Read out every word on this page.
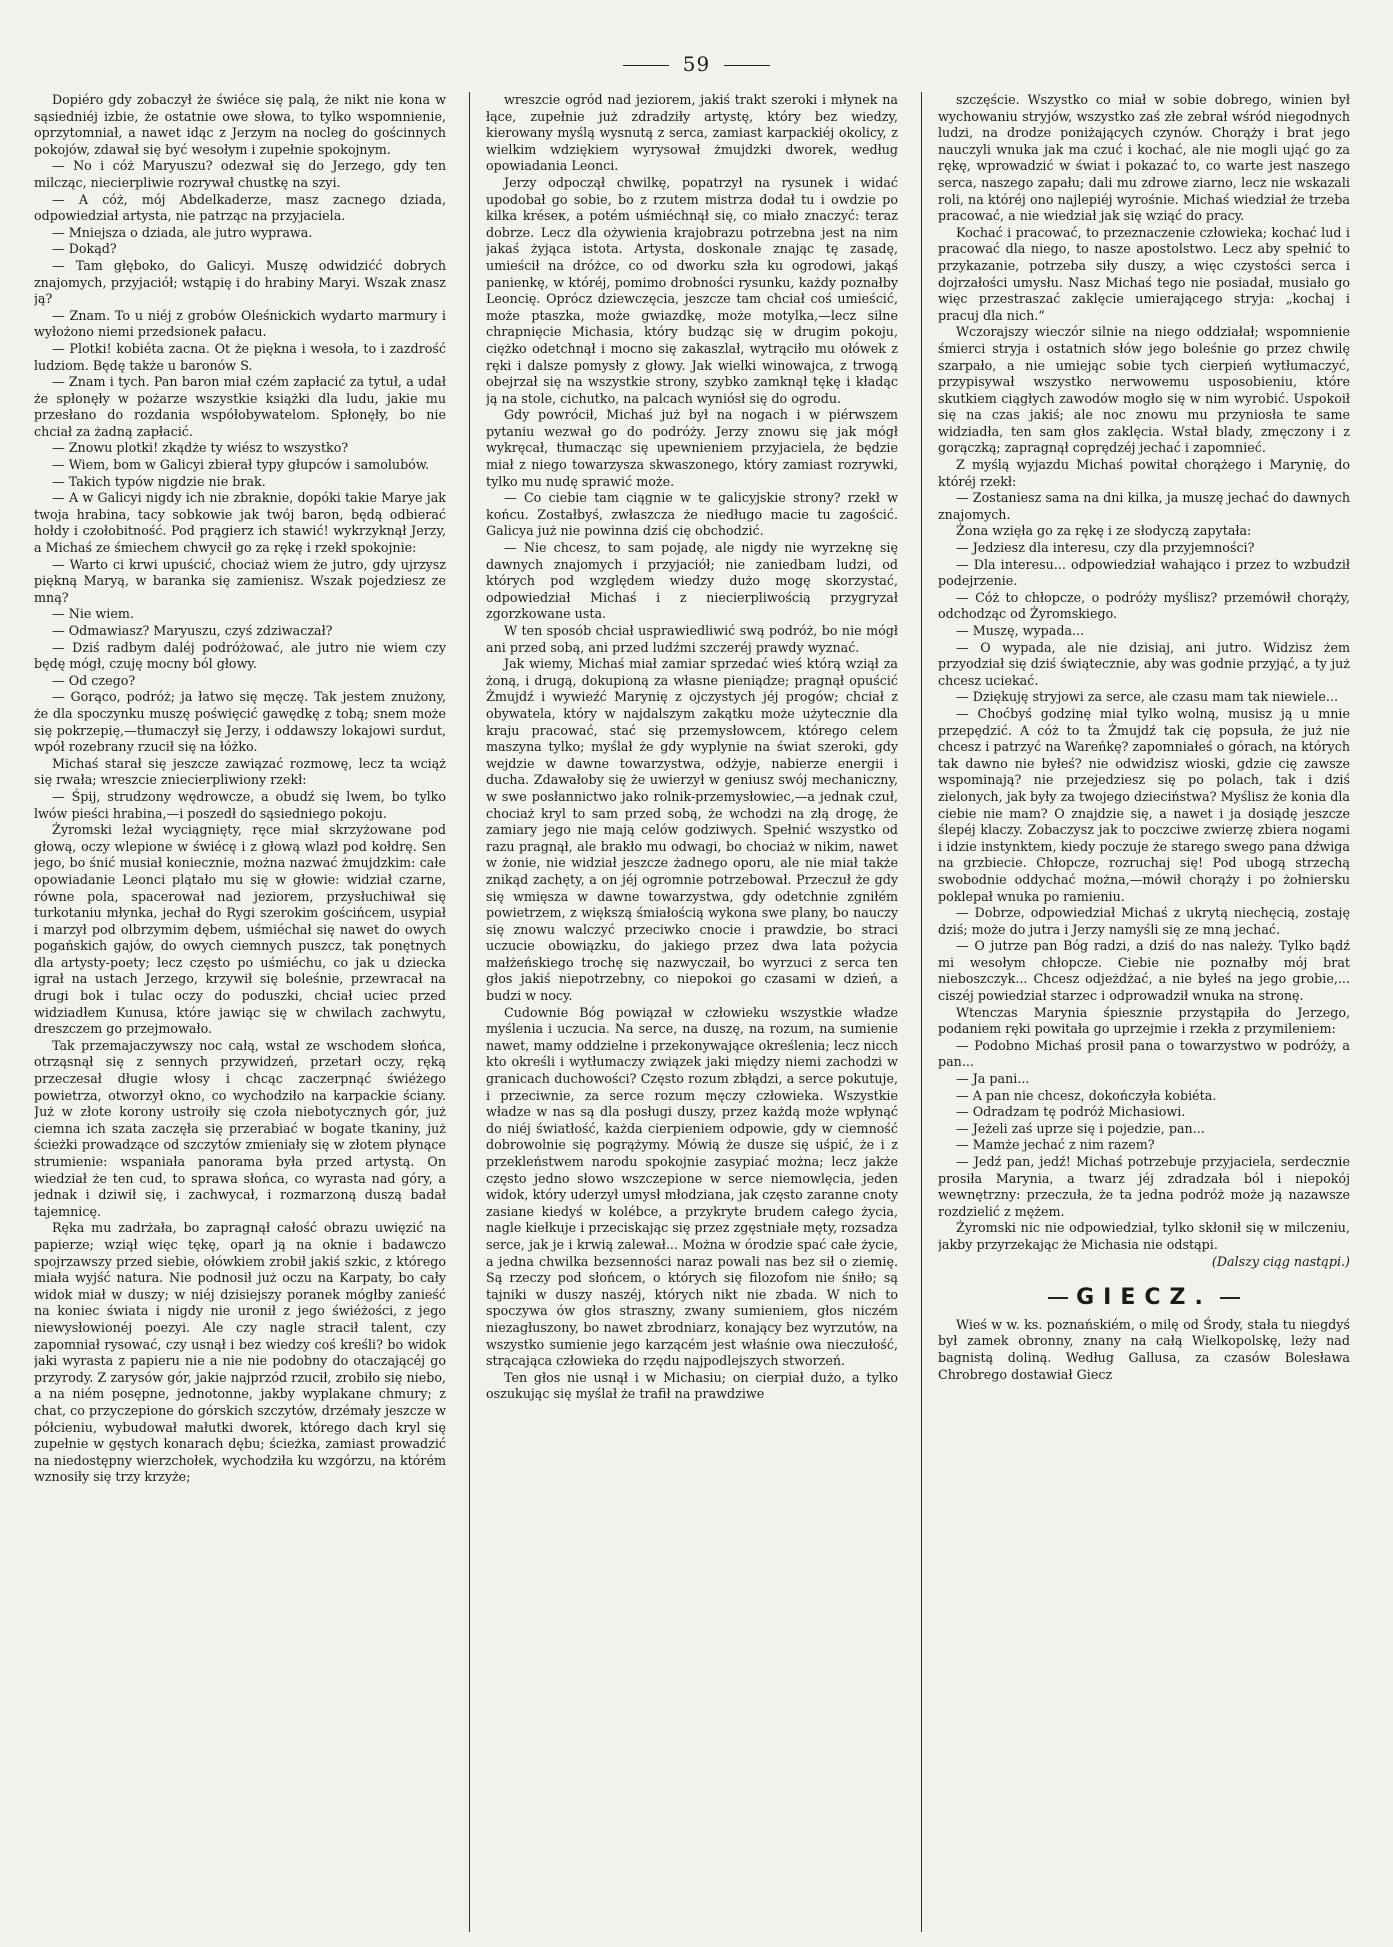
59

Dopiéro gdy zobaczył że świéce się palą, że nikt nie kona w sąsiedniéj izbie, że ostatnie owe słowa, to tylko wspomnienie, oprzytomniał, a nawet idąc z Jerzym na nocleg do gościnnych pokojów, zdawał się być wesołym i zupełnie spokojnym.

— No i cóż Maryuszu? odezwał się do Jerzego, gdy ten milcząc, niecierpliwie rozrywał chustkę na szyi.

— A cóż, mój Abdelkaderze, masz zacnego dziada, odpowiedział artysta, nie patrząc na przyjaciela.

— Mniejsza o dziada, ale jutro wyprawa.

— Dokąd?

— Tam głęboko, do Galicyi. Muszę odwidzićć dobrych znajomych, przyjaciół; wstąpię i do hrabiny Maryi. Wszak znasz ją?

— Znam. To u niéj z grobów Oleśnickich wydarto marmury i wyłożono niemi przedsionek pałacu.

— Plotki! kobiéta zacna. Ot że piękna i wesoła, to i zazdrość ludziom. Będę także u baronów S.

— Znam i tych. Pan baron miał czém zapłacić za tytuł, a udał że spłonęły w pożarze wszystkie książki dla ludu, jakie mu przesłano do rozdania współobywatelom. Spłonęły, bo nie chciał za żadną zapłacić.

— Znowu plotki! zkądże ty wiész to wszystko?

— Wiem, bom w Galicyi zbierał typy głupców i samolubów.

— Takich typów nigdzie nie brak.

— A w Galicyi nigdy ich nie zbraknie, dopóki takie Marye jak twoja hrabina, tacy sobkowie jak twój baron, będą odbierać hołdy i czołobitność. Pod prągierz ich stawić! wykrzyknął Jerzy, a Michaś ze śmiechem chwycił go za rękę i rzekł spokojnie:

— Warto ci krwi upuścić, chociaż wiem że jutro, gdy ujrzysz piękną Maryą, w baranka się zamienisz. Wszak pojedziesz ze mną?

— Nie wiem.

— Odmawiasz? Maryuszu, czyś zdziwaczał?

— Dziś radbym daléj podróżować, ale jutro nie wiem czy będę mógł, czuję mocny ból głowy.

— Od czego?

— Gorąco, podróż; ja łatwo się męczę. Tak jestem znużony, że dla spoczynku muszę poświęcić gawędkę z tobą; snem może się pokrzepię,—tłumaczył się Jerzy, i oddawszy lokajowi surdut, wpół rozebrany rzucił się na łóżko.

Michaś starał się jeszcze zawiązać rozmowę, lecz ta wciąż się rwała; wreszcie zniecierpliwiony rzekł:

— Śpij, strudzony wędrowcze, a obudź się lwem, bo tylko lwów pieści hrabina,—i poszedł do sąsiedniego pokoju.

Żyromski leżał wyciągnięty, ręce miał skrzyżowane pod głową, oczy wlepione w świécę i z głową wlazł pod kołdrę. Sen jego, bo śnić musiał koniecznie, można nazwać żmujdzkim: całe opowiadanie Leonci plątało mu się w głowie: widział czarne, równe pola, spacerował nad jeziorem, przysłuchiwał się turkotaniu młynka, jechał do Rygi szerokim gościńcem, usypiał i marzył pod olbrzymim dębem, uśmiéchał się nawet do owych pogańskich gajów, do owych ciemnych puszcz, tak ponętnych dla artysty-poety; lecz często po uśmiéchu, co jak u dziecka igrał na ustach Jerzego, krzywił się boleśnie, przewracał na drugi bok i tulac oczy do poduszki, chciał uciec przed widziadłem Kunusa, które jawiąc się w chwilach zachwytu, dreszczem go przejmowało.

Tak przemajaczywszy noc całą, wstał ze wschodem słońca, otrząsnął się z sennych przywidzeń, przetarł oczy, ręką przeczesał długie włosy i chcąc zaczerpnąć świéżego powietrza, otworzył okno, co wychodziło na karpackie ściany. Już w złote korony ustroiły się czoła niebotycznych gór, już ciemna ich szata zaczęła się przerabiać w bogate tkaniny, już ścieżki prowadzące od szczytów zmieniały się w złotem płynące strumienie: wspaniała panorama była przed artystą. On wiedział że ten cud, to sprawa słońca, co wyrasta nad góry, a jednak i dziwił się, i zachwycał, i rozmarzoną duszą badał tajemnicę.

Ręka mu zadrżała, bo zapragnął całość obrazu uwięzić na papierze; wziął więc tękę, oparł ją na oknie i badawczo spojrzawszy przed siebie, ołówkiem zrobił jakiś szkic, z którego miała wyjść natura. Nie podnosił już oczu na Karpaty, bo cały widok miał w duszy; w niéj dzisiejszy poranek mógłby zanieść na koniec świata i nigdy nie uronił z jego świéżości, z jego niewysłowionéj poezyi. Ale czy nagle stracił talent, czy zapomniał rysować, czy usnął i bez wiedzy coś kreśli? bo widok jaki wyrasta z papieru nie a nie nie podobny do otaczającéj go przyrody. Z zarysów gór, jakie najprzód rzucił, zrobiło się niebo, a na niém posępne, jednotonne, jakby wyplakane chmury; z chat, co przyczepione do górskich szczytów, drzémały jeszcze w półcieniu, wybudował małutki dworek, którego dach kryl się zupełnie w gęstych konarach dębu; ścieżka, zamiast prowadzić na niedostępny wierzchołek, wychodziła ku wzgórzu, na którém wznosiły się trzy krzyże;

wreszcie ogród nad jeziorem, jakiś trakt szeroki i młynek na łące, zupełnie już zdradziły artystę, który bez wiedzy, kierowany myślą wysnutą z serca, zamiast karpackiéj okolicy, z wielkim wdziękiem wyrysował żmujdzki dworek, według opowiadania Leonci.

Jerzy odpoczął chwilkę, popatrzył na rysunek i widać upodobał go sobie, bo z rzutem mistrza dodał tu i owdzie po kilka kréseк, a potém uśmiéchnął się, co miało znaczyć: teraz dobrze. Lecz dla ożywienia krajobrazu potrzebna jest na nim jakaś żyjąca istota. Artysta, doskonale znając tę zasadę, umieścił na dróżce, co od dworku szła ku ogrodowi, jakąś panienkę, w któréj, pomimo drobności rysunku, każdy poznałby Leoncię. Oprócz dziewczęcia, jeszcze tam chciał coś umieścić, może ptaszka, może gwiazdkę, może motylka,—lecz silne chrapnięcie Michasia, który budząc się w drugim pokoju, ciężko odetchnął i mocno się zakaszlał, wytrąciło mu ołówek z ręki i dalsze pomysły z głowy. Jak wielki winowajca, z trwogą obejrzał się na wszystkie strony, szybko zamknął tękę i kładąc ją na stole, cichutko, na palcach wyniósł się do ogrodu.

Gdy powrócił, Michaś już był na nogach i w piérwszem pytaniu wezwał go do podróży. Jerzy znowu się jak mógł wykręcał, tłumacząc się upewnieniem przyjaciela, że będzie miał z niego towarzysza skwaszonego, który zamiast rozrywki, tylko mu nudę sprawić może.

— Co ciebie tam ciągnie w te galicyjskie strony? rzekł w końcu. Zostałbyś, zwłaszcza że niedługo macie tu zagościć. Galicya już nie powinna dziś cię obchodzić.

— Nie chcesz, to sam pojadę, ale nigdy nie wyrzeknę się dawnych znajomych i przyjaciół; nie zaniedbam ludzi, od których pod względem wiedzy dużo mogę skorzystać, odpowiedział Michaś i z niecierpliwością przygryzał zgorzkowane usta.

W ten sposób chciał usprawiedliwić swą podróż, bo nie mógł ani przed sobą, ani przed ludźmi szczeréj prawdy wyznać.

Jak wiemy, Michaś miał zamiar sprzedać wieś którą wziął za żoną, i drugą, dokupioną za własne pieniądze; pragnął opuścić Żmujdź i wywieźć Marynię z ojczystych jéj progów; chciał z obywatela, który w najdalszym zakątku może użytecznie dla kraju pracować, stać się przemysłowcem, którego celem maszyna tylko; myślał że gdy wyplynie na świat szeroki, gdy wejdzie w dawne towarzystwa, odżyje, nabierze energii i ducha. Zdawałoby się że uwierzył w geniusz swój mechaniczny, w swe posłannictwo jako rolnik-przemysłowiec,—a jednak czuł, chociaż kryl to sam przed sobą, że wchodzi na złą drogę, że zamiary jego nie mają celów godziwych. Spełnić wszystko od razu pragnął, ale brakło mu odwagi, bo chociaż w nikim, nawet w żonie, nie widział jeszcze żadnego oporu, ale nie miał także znikąd zachęty, a on jéj ogromnie potrzebował. Przeczuł że gdy się wmięsza w dawne towarzystwa, gdy odetchnie zgniłém powietrzem, z większą śmiałością wykona swe plany, bo nauczy się znowu walczyć przeciwko cnocie i prawdzie, bo straci uczucie obowiązku, do jakiego przez dwa lata pożycia małżeńskiego trochę się nazwyczaił, bo wyrzuci z serca ten głos jakiś niepotrzebny, co niepokoi go czasami w dzień, a budzi w nocy.

Cudownie Bóg powiązał w człowieku wszystkie władze myślenia i uczucia. Na serce, na duszę, na rozum, na sumienie nawet, mamy oddzielne i przekonywające określenia; lecz nicch kto określi i wytłumaczy związek jaki między niemi zachodzi w granicach duchowości? Często rozum zbłądzi, a serce pokutuje, i przeciwnie, za serce rozum męczy człowieka. Wszystkie władze w nas są dla posługi duszy, przez każdą może wpłynąć do niéj światłość, każda cierpieniem odpowie, gdy w ciemność dobrowolnie się pogrążymy. Mówią że dusze się uśpić, że i z przekleństwem narodu spokojnie zasypiać można; lecz jakże często jedno słowo wszczepione w serce niemowlęcia, jeden widok, który uderzył umysł młodziana, jak często zaranne cnoty zasiane kiedyś w kolébce, a przykryte brudem całego życia, nagle kiełkuje i przeciskając się przez zgęstniałe męty, rozsadza serce, jak je i krwią zalewał... Można w órodzie spać całe życie, a jedna chwilka bezsenności naraz powali nas bez sił o ziemię. Są rzeczy pod słońcem, o których się filozofom nie śniło; są tajniki w duszy naszéj, których nikt nie zbada. W nich to spoczywa ów głos straszny, zwany sumieniem, głos niczém niezagłuszony, bo nawet zbrodniarz, konający bez wyrzutów, na wszystko sumienie jego karzącém jest właśnie owa nieczułość, strącająca człowieka do rzędu najpodlejszych stworzeń.

Ten głos nie usnął i w Michasiu; on cierpiał dużo, a tylko oszukując się myślał że trafił na prawdziwe

szczęście. Wszystko co miał w sobie dobrego, winien był wychowaniu stryjów, wszystko zaś złe zebrał wśród niegodnych ludzi, na drodze poniżających czynów. Chorąży i brat jego nauczyli wnuka jak ma czuć i kochać, ale nie mogli ująć go za rękę, wprowadzić w świat i pokazać to, co warte jest naszego serca, naszego zapału; dali mu zdrowe ziarno, lecz nie wskazali roli, na któréj ono najlepiéj wyrośnie. Michaś wiedział że trzeba pracować, a nie wiedział jak się wziąć do pracy.

Kochać i pracować, to przeznaczenie człowieka; kochać lud i pracować dla niego, to nasze apostolstwo. Lecz aby spełnić to przykazanie, potrzeba siły duszy, a więc czystości serca i dojrzałości umysłu. Nasz Michaś tego nie posiadał, musiało go więc przestraszać zaklęcie umierającego stryja: „kochaj i pracuj dla nich.“

Wczorajszy wieczór silnie na niego oddziałał; wspomnienie śmierci stryja i ostatnich słów jego boleśnie go przez chwilę szarpało, a nie umiejąc sobie tych cierpień wytłumaczyć, przypisywał wszystko nerwowemu usposobieniu, które skutkiem ciągłych zawodów mogło się w nim wyrobić. Uspokoił się na czas jakiś; ale noc znowu mu przyniosła te same widziadła, ten sam głos zaklęcia. Wstał blady, zmęczony i z gorączką; zapragnął coprędzéj jechać i zapomnieć.

Z myślą wyjazdu Michaś powitał chorążego i Marynię, do któréj rzekł:

— Zostaniesz sama na dni kilka, ja muszę jechać do dawnych znajomych.

Żona wzięła go za rękę i ze słodyczą zapytała:

— Jedziesz dla interesu, czy dla przyjemności?

— Dla interesu... odpowiedział wahająco i przez to wzbudził podejrzenie.

— Cóż to chłopcze, o podróży myślisz? przemówił chorąży, odchodząc od Żyromskiego.

— Muszę, wypada...

— O wypada, ale nie dzisiaj, ani jutro. Widzisz żem przyodział się dziś świątecznie, aby was godnie przyjąć, a ty już chcesz uciekać.

— Dziękuję stryjowi za serce, ale czasu mam tak niewiele...

— Choćbyś godzinę miał tylko wolną, musisz ją u mnie przepędzić. A cóż to ta Żmujdź tak cię popsuła, że już nie chcesz i patrzyć na Wareńkę? zapomniałeś o górach, na których tak dawno nie byłeś? nie odwidzisz wioski, gdzie cię zawsze wspominają? nie przejedziesz się po polach, tak i dziś zielonych, jak były za twojego dzieciństwa? Myślisz że konia dla ciebie nie mam? O znajdzie się, a nawet i ja dosiądę jeszcze ślepéj klaczy. Zobaczysz jak to poczciwe zwierzę zbiera nogami i idzie instynktem, kiedy poczuje że starego swego pana dźwiga na grzbiecie. Chłopcze, rozruchaj się! Pod ubogą strzechą swobodnie oddychać można,—mówił chorąży i po żołniersku poklepał wnuka po ramieniu.

— Dobrze, odpowiedział Michaś z ukrytą niechęcią, zostaję dziś; może do jutra i Jerzy namyśli się ze mną jechać.

— O jutrze pan Bóg radzi, a dziś do nas należy. Tylko bądź mi wesołym chłopcze. Ciebie nie poznałby mój brat nieboszczyk... Chcesz odjeżdżać, a nie byłeś na jego grobie,... ciszéj powiedział starzec i odprowadził wnuka na stronę.

Wtenczas Marynia śpiesznie przystąpiła do Jerzego, podaniem ręki powitała go uprzejmie i rzekła z przymileniem:

— Podobno Michaś prosił pana o towarzystwo w podróży, a pan...

— Ja pani...

— A pan nie chcesz, dokończyła kobiéta.

— Odradzam tę podróż Michasiowi.

— Jeżeli zaś uprze się i pojedzie, pan...

— Mamże jechać z nim razem?

— Jedź pan, jedź! Michaś potrzebuje przyjaciela, serdecznie prosiła Marynia, a twarz jéj zdradzała ból i niepokój wewnętrzny: przeczuła, że ta jedna podróż może ją nazawsze rozdzielić z mężem.

Żyromski nic nie odpowiedział, tylko skłonił się w milczeniu, jakby przyrzekając że Michasia nie odstąpi.

(Dalszy ciąg nastąpi.)

GIECZ.

Wieś w w. ks. poznańskiém, o milę od Środy, stała tu niegdyś był zamek obronny, znany na całą Wielkopolskę, leży nad bagnistą doliną. Według Gallusa, za czasów Bolesława Chrobrego dostawiał Giecz
